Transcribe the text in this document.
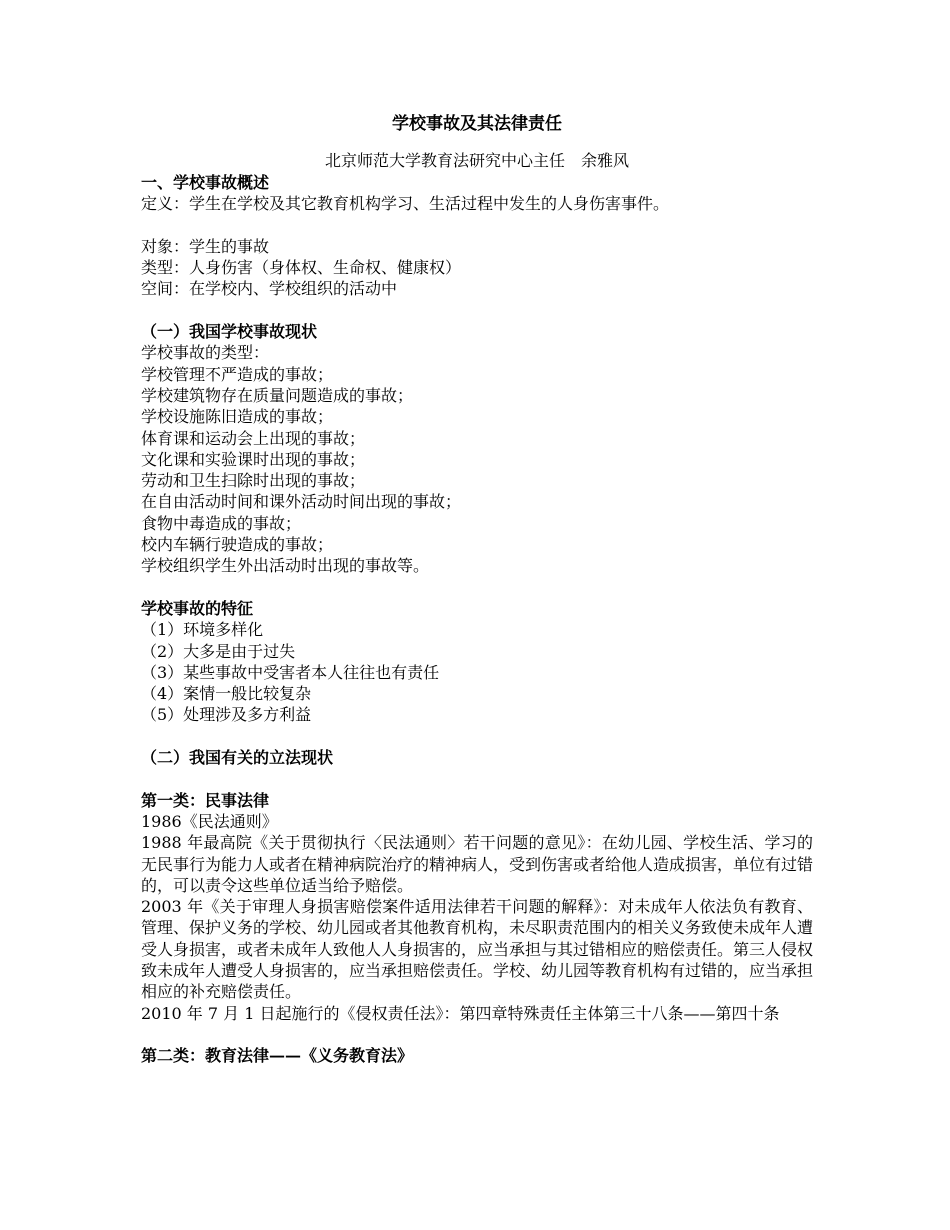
学校事故及其法律责任
北京师范大学教育法研究中心主任　余雅风
一、学校事故概述
定义：学生在学校及其它教育机构学习、生活过程中发生的人身伤害事件。
对象：学生的事故
类型：人身伤害（身体权、生命权、健康权）
空间：在学校内、学校组织的活动中
（一）我国学校事故现状
学校事故的类型：
学校管理不严造成的事故；
学校建筑物存在质量问题造成的事故；
学校设施陈旧造成的事故；
体育课和运动会上出现的事故；
文化课和实验课时出现的事故；
劳动和卫生扫除时出现的事故；
在自由活动时间和课外活动时间出现的事故；
食物中毒造成的事故；
校内车辆行驶造成的事故；
学校组织学生外出活动时出现的事故等。
学校事故的特征
（1）环境多样化
（2）大多是由于过失
（3）某些事故中受害者本人往往也有责任
（4）案情一般比较复杂
（5）处理涉及多方利益
（二）我国有关的立法现状
第一类：民事法律
1986《民法通则》
1988 年最高院《关于贯彻执行〈民法通则〉若干问题的意见》：在幼儿园、学校生活、学习的无民事行为能力人或者在精神病院治疗的精神病人，受到伤害或者给他人造成损害，单位有过错的，可以责令这些单位适当给予赔偿。
2003 年《关于审理人身损害赔偿案件适用法律若干问题的解释》：对未成年人依法负有教育、管理、保护义务的学校、幼儿园或者其他教育机构，未尽职责范围内的相关义务致使未成年人遭受人身损害，或者未成年人致他人人身损害的，应当承担与其过错相应的赔偿责任。第三人侵权致未成年人遭受人身损害的，应当承担赔偿责任。学校、幼儿园等教育机构有过错的，应当承担相应的补充赔偿责任。
2010 年 7 月 1 日起施行的《侵权责任法》：第四章特殊责任主体第三十八条——第四十条
第二类：教育法律——《义务教育法》
